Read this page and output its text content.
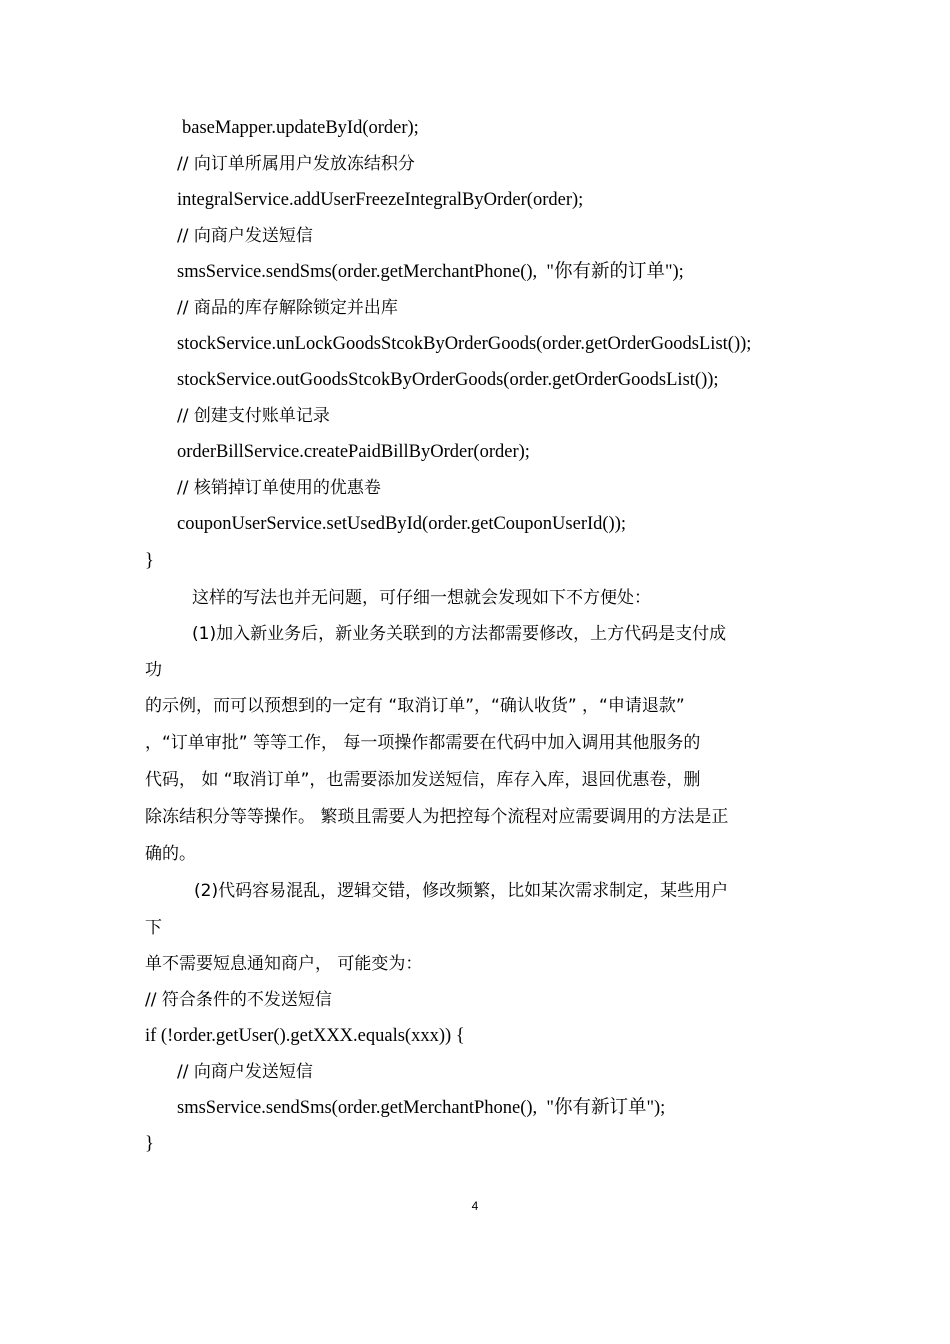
baseMapper.updateById(order);
// 向订单所属用户发放冻结积分
integralService.addUserFreezeIntegralByOrder(order);
// 向商户发送短信
smsService.sendSms(order.getMerchantPhone(),  "你有新的订单");
// 商品的库存解除锁定并出库
stockService.unLockGoodsStcokByOrderGoods(order.getOrderGoodsList());
stockService.outGoodsStcokByOrderGoods(order.getOrderGoodsList());
// 创建支付账单记录
orderBillService.createPaidBillByOrder(order);
// 核销掉订单使用的优惠卷
couponUserService.setUsedById(order.getCouponUserId());
}
这样的写法也并无问题，可仔细一想就会发现如下不方便处：
(1)加入新业务后，新业务关联到的方法都需要修改，上方代码是支付成
功
的示例，而可以预想到的一定有 “取消订单”，“确认收货” ，“申请退款”
，“订单审批” 等等工作， 每一项操作都需要在代码中加入调用其他服务的
代码， 如 “取消订单”，也需要添加发送短信，库存入库，退回优惠卷，删
除冻结积分等等操作。 繁琐且需要人为把控每个流程对应需要调用的方法是正
确的。
(2)代码容易混乱，逻辑交错，修改频繁，比如某次需求制定，某些用户
下
单不需要短息通知商户， 可能变为：
// 符合条件的不发送短信
if (!order.getUser().getXXX.equals(xxx)) {
// 向商户发送短信
smsService.sendSms(order.getMerchantPhone(),  "你有新订单");
}
4
